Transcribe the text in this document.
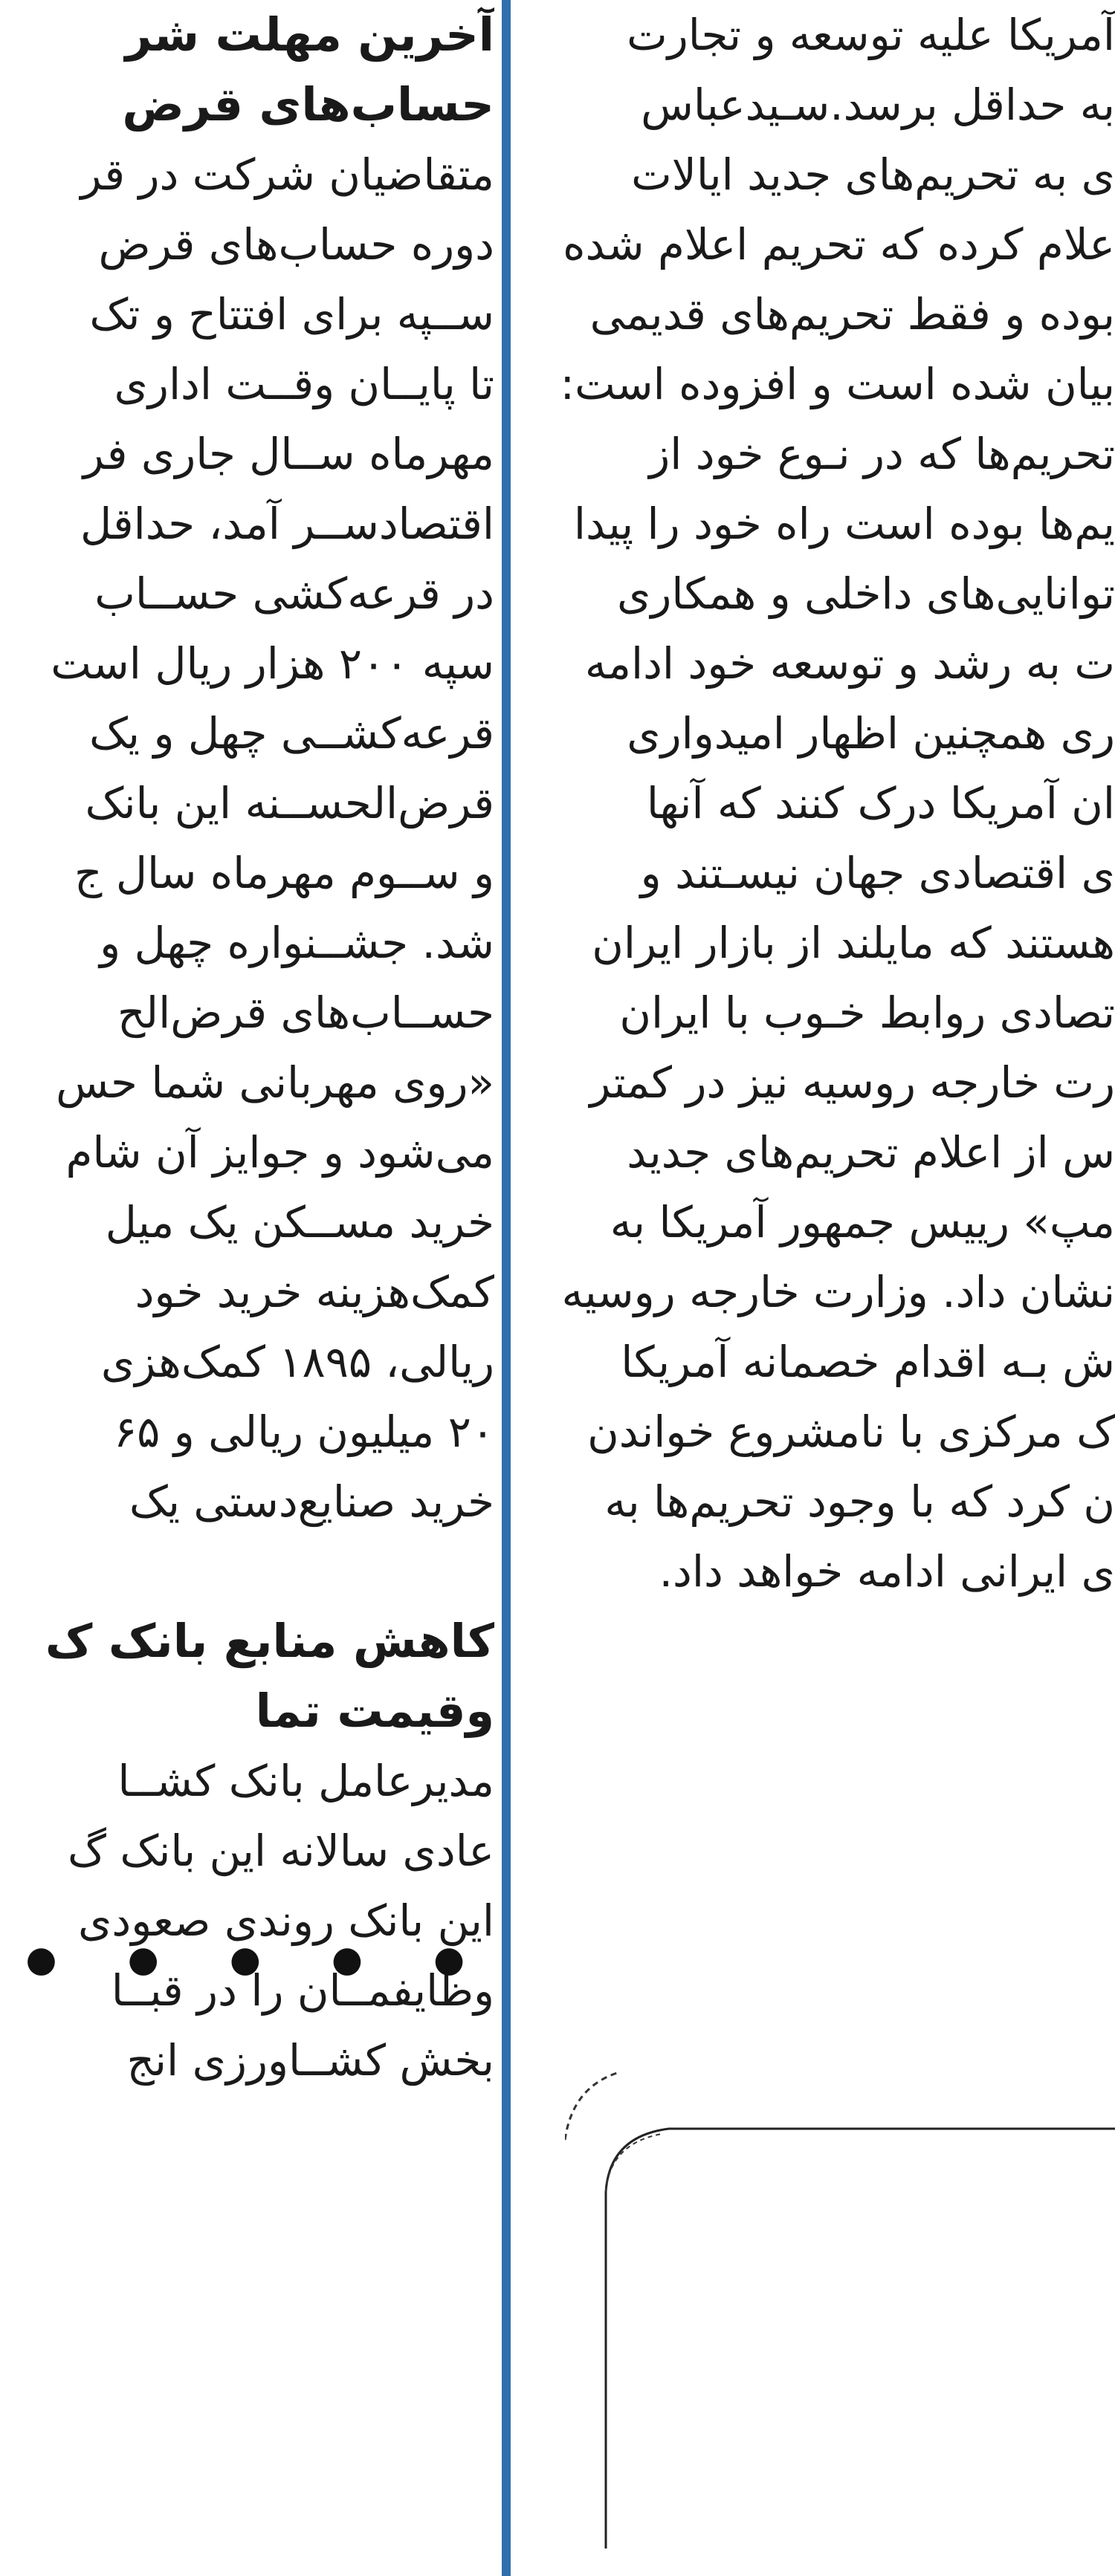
آمریکا علیه توسعه و تجارت
به حداقل برسد.سـیدعباس
ی به تحریم‌های جدید ایالات
علام کرده که تحریم اعلام شده
بوده و فقط تحریم‌های قدیمی
بیان شده است و افزوده است:
تحریم‌ها که در نـوع خود از
یم‌ها بوده است راه خود را پیدا
توانایی‌های داخلی و همکاری
ت به رشد و توسعه خود ادامه
ری همچنین اظهار امیدواری
ان آمریکا درک کنند که آنها
ی اقتصادی جهان نیسـتند و
هستند که مایلند از بازار ایران
تصادی روابط خـوب با ایران
رت خارجه روسیه نیز در کمتر
س از اعلام تحریم‌های جدید
مپ» رییس جمهور آمریکا به
نشان داد. وزارت خارجه روسیه
ش بـه اقدام خصمانه آمریکا
ک مرکزی با نامشروع خواندن
ن کرد که با وجود تحریم‌ها به
ی ایرانی ادامه خواهد داد.
آخرین مهلت شر
حساب‌های قرض
متقاضیان شرکت در قر
دوره حساب‌های قرض
ســپه برای افتتاح و تک
تا پایــان وقــت اداری
مهرماه ســال جاری فر
اقتصادســر آمد، حداقل
در قرعه‌کشی حســاب
سپه ۲۰۰ هزار ریال است
قرعه‌کشــی چهل و یک
قرض‌الحســنه این بانک
و ســوم مهرماه سال ج
شد. جشــنواره چهل و
حســاب‌های قرض‌الح
«روی مهربانی شما حس
می‌شود و جوایز آن شام
خرید مســکن یک میل
کمک‌هزینه خرید خود
ریالی، ۱۸۹۵ کمک‌هزی
۲۰ میلیون ریالی و ۶۵
خرید صنایع‌دستی یک
کاهش منابع بانک ک
وقیمت تما
مدیرعامل بانک کشــا
عادی سالانه این بانک گ
این بانک روندی صعودی
وظایفمــان را در قبــا
بخش کشــاورزی انج
● ● ● ● ●
